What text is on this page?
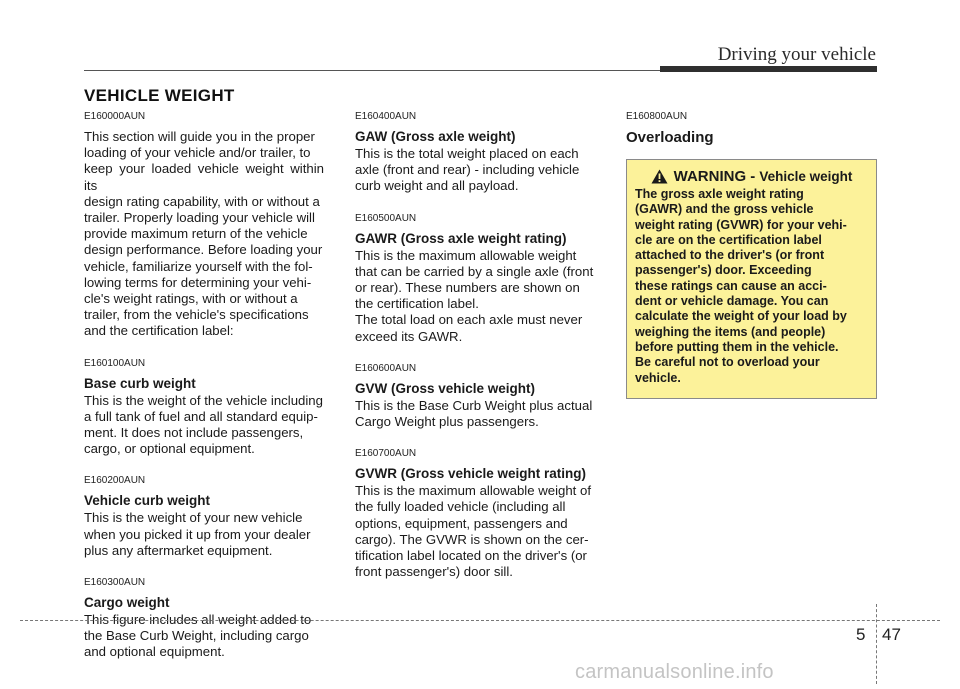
Driving your vehicle
VEHICLE WEIGHT
E160000AUN
This section will guide you in the proper
loading of your vehicle and/or trailer, to
keep your loaded vehicle weight within its
design rating capability, with or without a
trailer. Properly loading your vehicle will
provide maximum return of the vehicle
design performance. Before loading your
vehicle, familiarize yourself with the fol-
lowing terms for determining your vehi-
cle's weight ratings, with or without a
trailer, from the vehicle's specifications
and the certification label:
E160100AUN
Base curb weight
This is the weight of the vehicle including
a full tank of fuel and all standard equip-
ment. It does not include passengers,
cargo, or optional equipment.
E160200AUN
Vehicle curb weight
This is the weight of your new vehicle
when you picked it up from your dealer
plus any aftermarket equipment.
E160300AUN
Cargo weight
This figure includes all weight added to
the Base Curb Weight, including cargo
and optional equipment.
E160400AUN
GAW (Gross axle weight)
This is the total weight placed on each
axle (front and rear) - including vehicle
curb weight and all payload.
E160500AUN
GAWR (Gross axle weight rating)
This is the maximum allowable weight
that can be carried by a single axle (front
or rear). These numbers are shown on
the certification label.
The total load on each axle must never
exceed its GAWR.
E160600AUN
GVW (Gross vehicle weight)
This is the Base Curb Weight plus actual
Cargo Weight plus passengers.
E160700AUN
GVWR (Gross vehicle weight rating)
This is the maximum allowable weight of
the fully loaded vehicle (including all
options, equipment, passengers and
cargo). The GVWR is shown on the cer-
tification label located on the driver's (or
front passenger's) door sill.
E160800AUN
Overloading
WARNING - Vehicle weight
The gross axle weight rating
(GAWR) and the gross vehicle
weight rating (GVWR) for your vehi-
cle are on the certification label
attached to the driver's (or front
passenger's) door. Exceeding
these ratings can cause an acci-
dent or vehicle damage. You can
calculate the weight of your load by
weighing the items (and people)
before putting them in the vehicle.
Be careful not to overload your
vehicle.
5 47
carmanualsonline.info
